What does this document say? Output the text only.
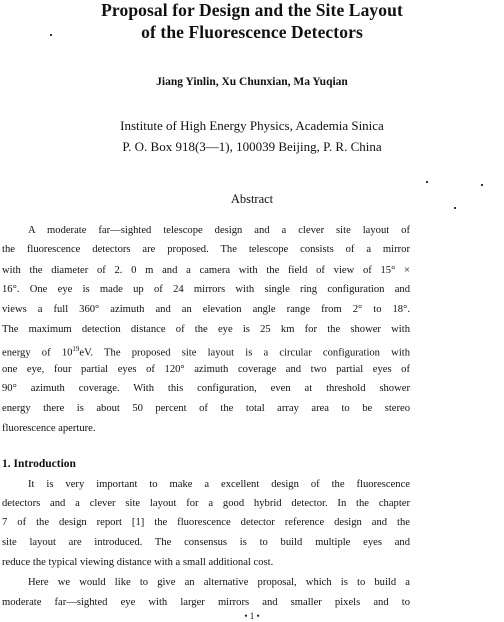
Proposal for Design and the Site Layout
of the Fluorescence Detectors
Jiang Yinlin, Xu Chunxian, Ma Yuqian
Institute of High Energy Physics, Academia Sinica
P. O. Box 918(3—1), 100039 Beijing, P. R. China
Abstract
A moderate far—sighted telescope design and a clever site layout of
the fluorescence detectors are proposed. The telescope consists of a mirror
with the diameter of 2. 0 m and a camera with the field of view of 15° ×
16°. One eye is made up of 24 mirrors with single ring configuration and
views a full 360° azimuth and an elevation angle range from 2° to 18°.
The maximum detection distance of the eye is 25 km for the shower with
energy of $10^{19}eV$. The proposed site layout is a circular configuration with
one eye, four partial eyes of 120° azimuth coverage and two partial eyes of
90° azimuth coverage. With this configuration, even at threshold shower
energy there is about 50 percent of the total array area to be stereo
fluorescence aperture.
1. Introduction
It is very important to make a excellent design of the fluorescence
detectors and a clever site layout for a good hybrid detector. In the chapter
7 of the design report [1] the fluorescence detector reference design and the
site layout are introduced. The consensus is to build multiple eyes and
reduce the typical viewing distance with a small additional cost.
Here we would like to give an alternative proposal, which is to build a
moderate far—sighted eye with larger mirrors and smaller pixels and to
• 1 •
